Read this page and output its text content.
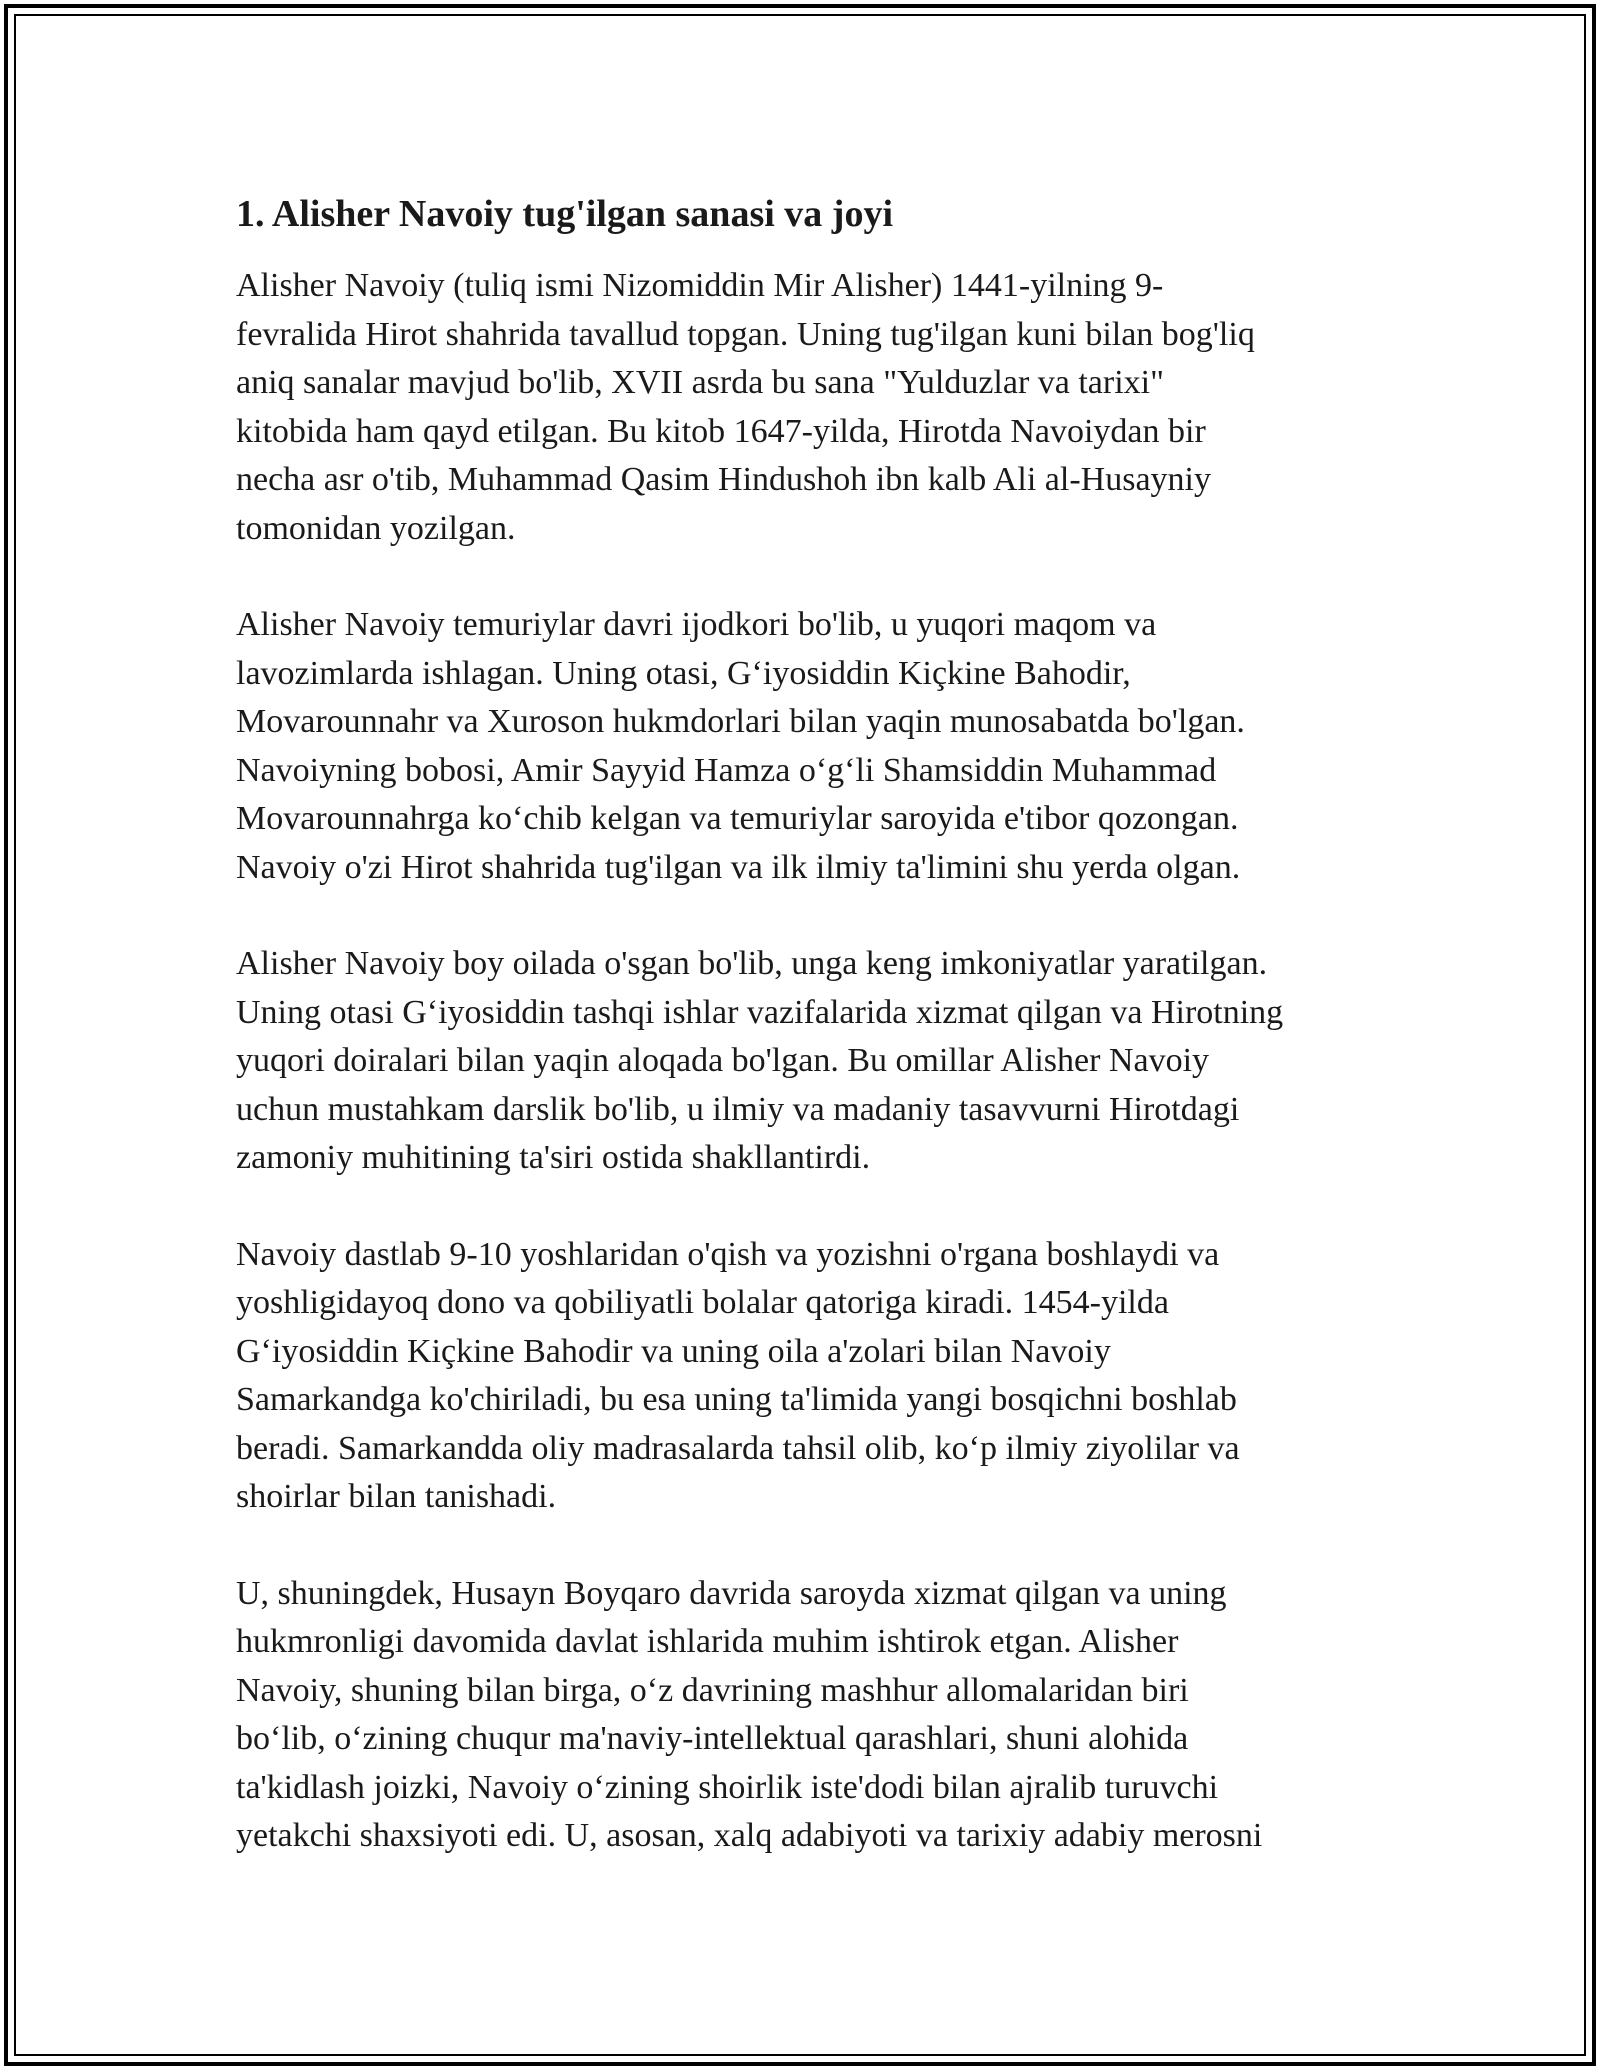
1. Alisher Navoiy tug'ilgan sanasi va joyi

Alisher Navoiy (tuliq ismi Nizomiddin Mir Alisher) 1441-yilning 9-
fevralida Hirot shahrida tavallud topgan. Uning tug'ilgan kuni bilan bog'liq
aniq sanalar mavjud bo'lib, XVII asrda bu sana "Yulduzlar va tarixi"
kitobida ham qayd etilgan. Bu kitob 1647-yilda, Hirotda Navoiydan bir
necha asr o'tib, Muhammad Qasim Hindushoh ibn kalb Ali al-Husayniy
tomonidan yozilgan.

Alisher Navoiy temuriylar davri ijodkori bo'lib, u yuqori maqom va
lavozimlarda ishlagan. Uning otasi, G‘iyosiddin Kiçkine Bahodir,
Movarounnahr va Xuroson hukmdorlari bilan yaqin munosabatda bo'lgan.
Navoiyning bobosi, Amir Sayyid Hamza o‘g‘li Shamsiddin Muhammad
Movarounnahrga ko‘chib kelgan va temuriylar saroyida e'tibor qozongan.
Navoiy o'zi Hirot shahrida tug'ilgan va ilk ilmiy ta'limini shu yerda olgan.

Alisher Navoiy boy oilada o'sgan bo'lib, unga keng imkoniyatlar yaratilgan.
Uning otasi G‘iyosiddin tashqi ishlar vazifalarida xizmat qilgan va Hirotning
yuqori doiralari bilan yaqin aloqada bo'lgan. Bu omillar Alisher Navoiy
uchun mustahkam darslik bo'lib, u ilmiy va madaniy tasavvurni Hirotdagi
zamoniy muhitining ta'siri ostida shakllantirdi.

Navoiy dastlab 9-10 yoshlaridan o'qish va yozishni o'rgana boshlaydi va
yoshligidayoq dono va qobiliyatli bolalar qatoriga kiradi. 1454-yilda
G‘iyosiddin Kiçkine Bahodir va uning oila a'zolari bilan Navoiy
Samarkandga ko'chiriladi, bu esa uning ta'limida yangi bosqichni boshlab
beradi. Samarkandda oliy madrasalarda tahsil olib, ko‘p ilmiy ziyolilar va
shoirlar bilan tanishadi.

U, shuningdek, Husayn Boyqaro davrida saroyda xizmat qilgan va uning
hukmronligi davomida davlat ishlarida muhim ishtirok etgan. Alisher
Navoiy, shuning bilan birga, o‘z davrining mashhur allomalaridan biri
bo‘lib, o‘zining chuqur ma'naviy-intellektual qarashlari, shuni alohida
ta'kidlash joizki, Navoiy o‘zining shoirlik iste'dodi bilan ajralib turuvchi
yetakchi shaxsiyoti edi. U, asosan, xalq adabiyoti va tarixiy adabiy merosni
